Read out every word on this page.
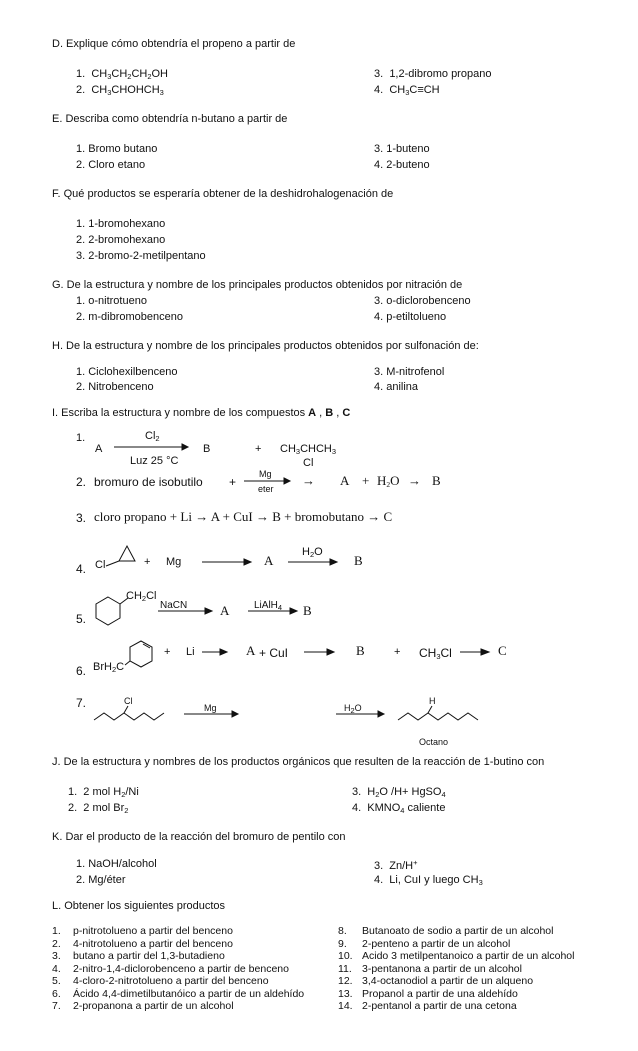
D. Explique cómo obtendría el propeno a partir de
1. $CH_3CH_2CH_2OH$
2. $CH_3CHOHCH_3$
3. 1,2-dibromo propano
4. $CH_3C\equiv CH$
E. Describa como obtendría n-butano a partir de
1. Bromo butano
2. Cloro etano
3. 1-buteno
4. 2-buteno
F. Qué productos se esperaría obtener de la deshidrohalogenación de
1. 1-bromohexano
2. 2-bromohexano
3. 2-bromo-2-metilpentano
G. De la estructura y nombre de los principales productos obtenidos por nitración de
1. o-nitrotueno
2. m-dibromobenceno
3. o-diclorobenceno
4. p-etiltolueno
H. De la estructura y nombre de los principales productos obtenidos por sulfonación de:
1. Ciclohexilbenceno
2. Nitrobenceno
3. M-nitrofenol
4. anilina
I. Escriba la estructura y nombre de los compuestos A , B , C
1.
A
$Cl_2$
Luz 25 °C
B	+ $CH_3CHCH_3$
Cl
2. bromuro de isobutilo +
Mg
eter
→ $A + H_2O \to B$
3. cloro propano + Li → A + CuI → B + bromobutano → C
4. Cl	+ Mg	A
$H_2O$
B
5.
$CH_2Cl$
NaCN	A LiAlH$_4$ B
6. BrH$_2$C
+ Li	A + CuI	B	+ $CH_3Cl$	C
7.	Cl
Mg	$H_2O$
H
Octano
J. De la estructura y nombres de los productos orgánicos que resulten de la reacción de 1-butino con
1.  2 mol $H_2/Ni$
2.  2 mol $Br_2$
3.  $H_2O$ /H+ HgSO$_4$
4.  $KMNO_4$ caliente
K. Dar el producto de la reacción del bromuro de pentilo con
1. NaOH/alcohol
2. Mg/éter
3.  Zn/H+
4.  Li, CuI y luego $CH_3$
L. Obtener los siguientes productos
1. p-nitrotolueno a partir del benceno
2. 4-nitrotolueno a partir del benceno
3. butano a partir del 1,3-butadieno
4. 2-nitro-1,4-diclorobenceno a partir de benceno
5. 4-cloro-2-nitrotolueno a partir del benceno
6. Ácido 4,4-dimetilbutanóico a partir de un aldehído
7. 2-propanona a partir de un alcohol
8. Butanoato de sodio a partir de un alcohol
9. 2-penteno a partir de un alcohol
10. Acido 3 metilpentanoico a partir de un alcohol
11. 3-pentanona a partir de un alcohol
12. 3,4-octanodiol a partir de un alqueno
13. Propanol a partir de una aldehído
14. 2-pentanol a partir de una cetona
